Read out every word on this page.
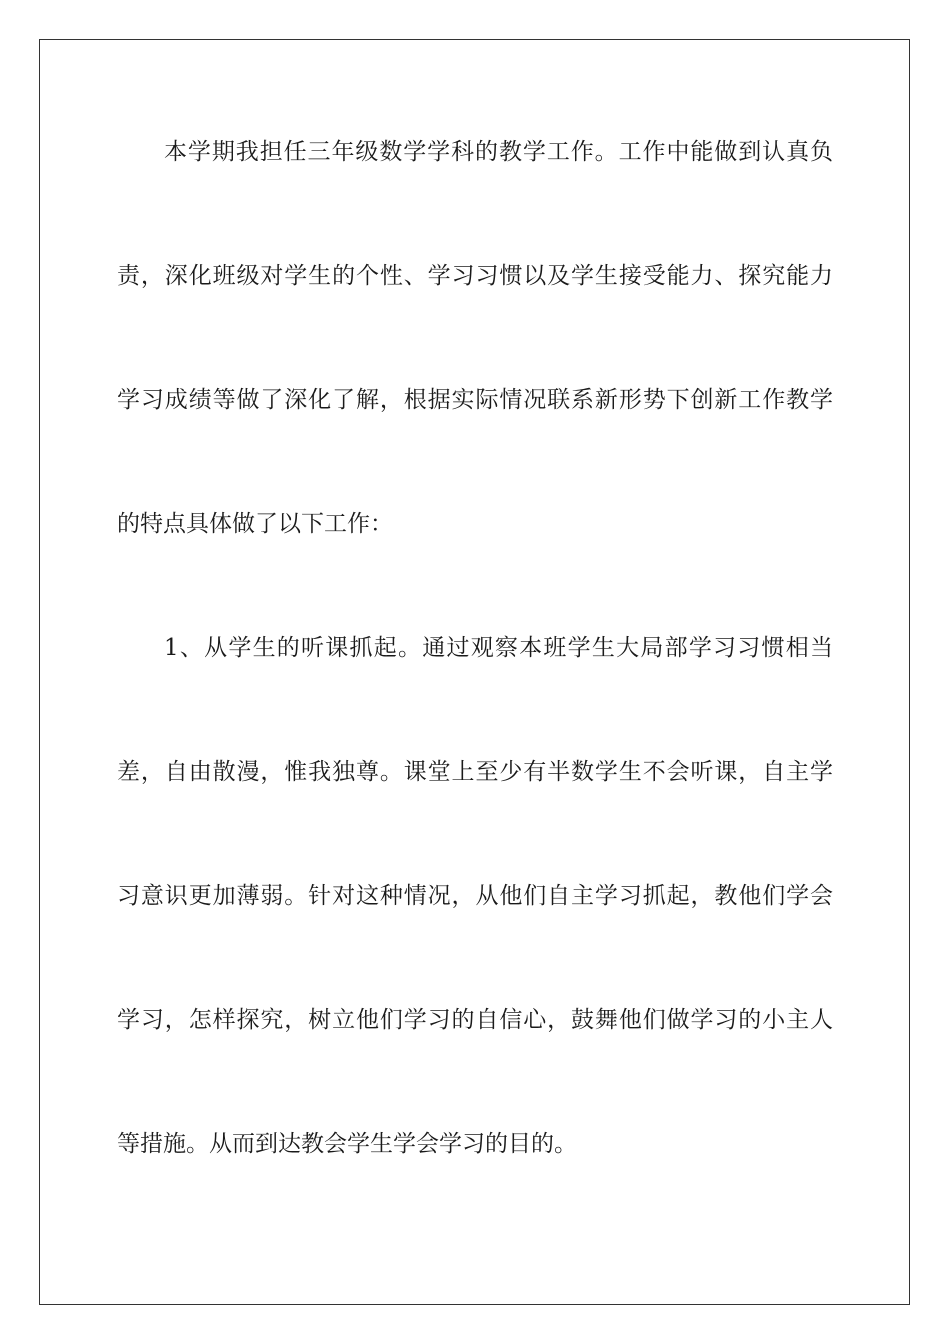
本学期我担任三年级数学学科的教学工作。工作中能做到认真负
责，深化班级对学生的个性、学习习惯以及学生接受能力、探究能力
学习成绩等做了深化了解，根据实际情况联系新形势下创新工作教学
的特点具体做了以下工作：
1、从学生的听课抓起。通过观察本班学生大局部学习习惯相当
差，自由散漫，惟我独尊。课堂上至少有半数学生不会听课，自主学
习意识更加薄弱。针对这种情况，从他们自主学习抓起，教他们学会
学习，怎样探究，树立他们学习的自信心，鼓舞他们做学习的小主人
等措施。从而到达教会学生学会学习的目的。
